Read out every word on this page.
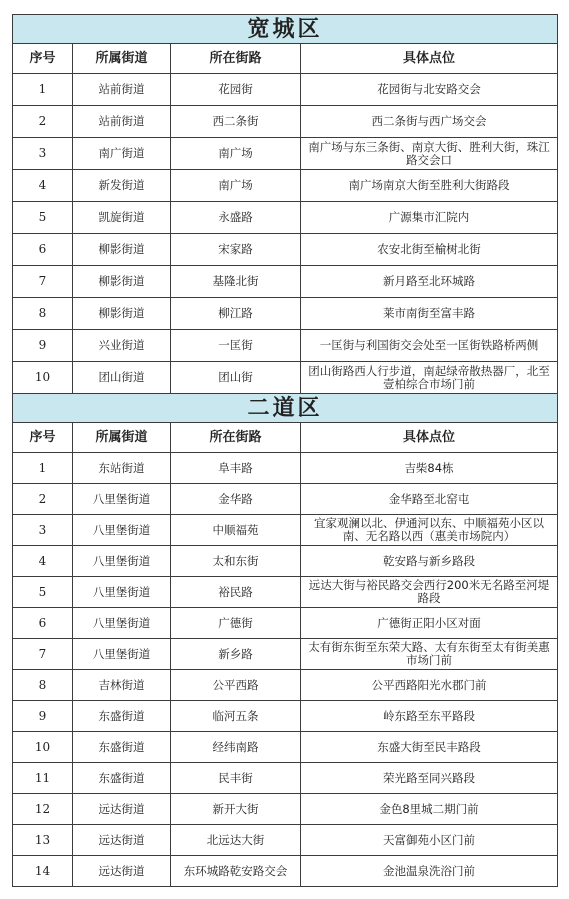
宽城区			
序号	所属街道	所在街路	具体点位
1	站前街道	花园街	花园街与北安路交会
2	站前街道	西二条街	西二条街与西广场交会
3	南广街道	南广场	南广场与东三条街、南京大街、胜利大街，珠江路交会口
4	新发街道	南广场	南广场南京大街至胜利大街路段
5	凯旋街道	永盛路	广源集市汇院内
6	柳影街道	宋家路	农安北街至榆树北街
7	柳影街道	基隆北街	新月路至北环城路
8	柳影街道	柳江路	莱市南街至富丰路
9	兴业街道	一匡街	一匡街与利国街交会处至一匡街铁路桥两侧
10	团山街道	团山街	团山街路西人行步道，南起绿帝散热器厂，北至壹柏综合市场门前
二道区			
序号	所属街道	所在街路	具体点位
1	东站街道	阜丰路	吉柴84栋
2	八里堡街道	金华路	金华路至北窑屯
3	八里堡街道	中顺福苑	宜家观澜以北、伊通河以东、中顺福苑小区以南、无名路以西（惠美市场院内）
4	八里堡街道	太和东街	乾安路与新乡路段
5	八里堡街道	裕民路	远达大街与裕民路交会西行200米无名路至河堤路段
6	八里堡街道	广德街	广德街正阳小区对面
7	八里堡街道	新乡路	太有街东街至东荣大路、太有东街至太有街美惠市场门前
8	吉林街道	公平西路	公平西路阳光水郡门前
9	东盛街道	临河五条	岭东路至东平路段
10	东盛街道	经纬南路	东盛大街至民丰路段
11	东盛街道	民丰街	荣光路至同兴路段
12	远达街道	新开大街	金色8里城二期门前
13	远达街道	北远达大街	天富御苑小区门前
14	远达街道	东环城路乾安路交会	金池温泉洗浴门前
